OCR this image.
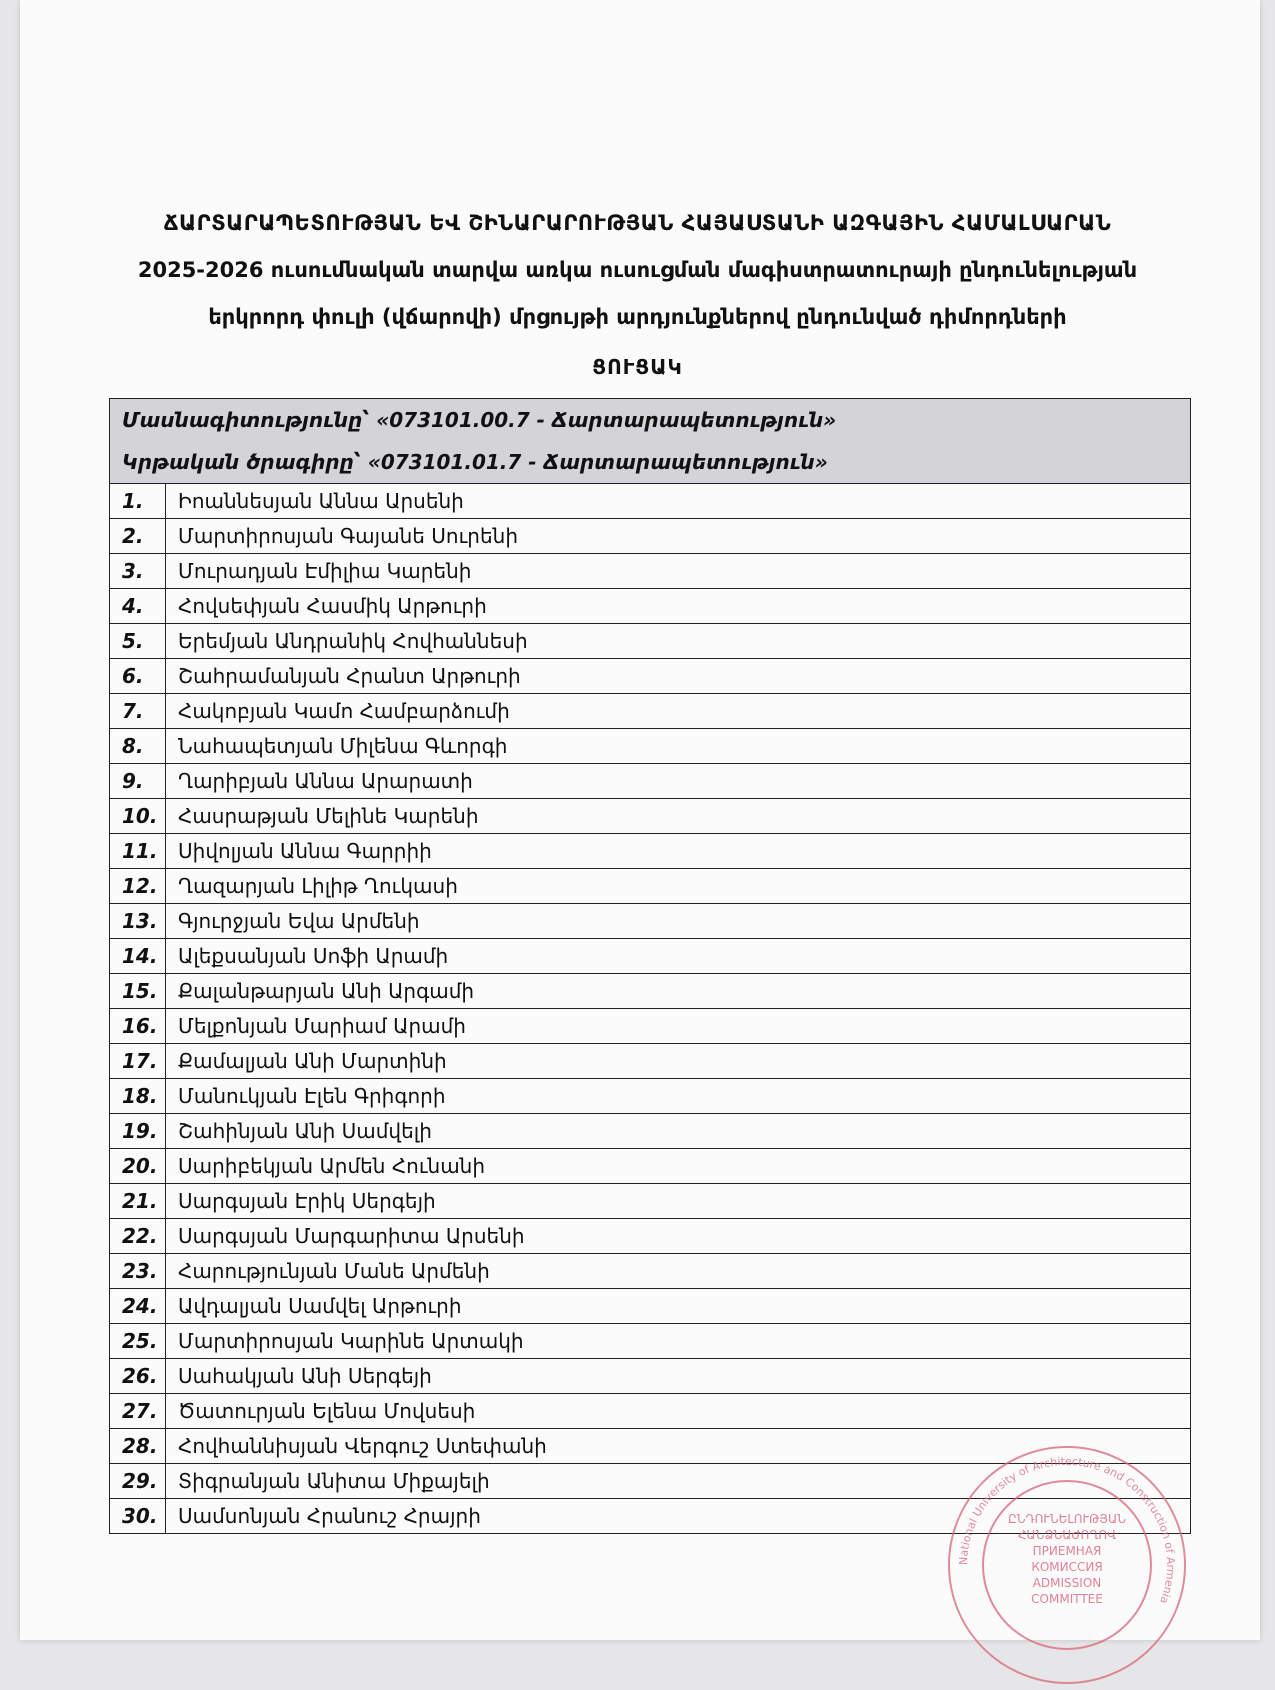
ՃԱՐՏԱՐԱՊԵՏՈՒԹՅԱՆ ԵՎ ՇԻՆԱՐԱՐՈՒԹՅԱՆ ՀԱՅԱՍՏԱՆԻ ԱԶԳԱՅԻՆ ՀԱՄԱԼՍԱՐԱՆ
2025-2026 ուսումնական տարվա առկա ուսուցման մագիստրատուրայի ընդունելության
երկրորդ փուլի (վճարովի) մրցույթի արդյունքներով ընդունված դիմորդների
ՑՈՒՑԱԿ
Մասնագիտությունը՝ «073101.00.7 - Ճարտարապետություն»
Կրթական ծրագիրը՝ «073101.01.7 - Ճարտարապետություն»	

1.	Իոաննեսյան Աննա Արսենի
2.	Մարտիրոսյան Գայանե Սուրենի
3.	Մուրադյան Էմիլիա Կարենի
4.	Հովսեփյան Հասմիկ Արթուրի
5.	Երեմյան Անդրանիկ Հովհաննեսի
6.	Շահրամանյան Հրանտ Արթուրի
7.	Հակոբյան Կամո Համբարձումի
8.	Նահապետյան Միլենա Գևորգի
9.	Ղարիբյան Աննա Արարատի
10.	Հասրաթյան Մելինե Կարենի
11.	Սիվոլյան Աննա Գարրիի
12.	Ղազարյան Լիլիթ Ղուկասի
13.	Գյուրջյան Եվա Արմենի
14.	Ալեքսանյան Սոֆի Արամի
15.	Քալանթարյան Անի Արգամի
16.	Մելքոնյան Մարիամ Արամի
17.	Քամալյան Անի Մարտինի
18.	Մանուկյան Էլեն Գրիգորի
19.	Շահինյան Անի Սամվելի
20.	Սարիբեկյան Արմեն Հունանի
21.	Սարգսյան Էրիկ Սերգեյի
22.	Սարգսյան Մարգարիտա Արսենի
23.	Հարությունյան Մանե Արմենի
24.	Ավդալյան Սամվել Արթուրի
25.	Մարտիրոսյան Կարինե Արտակի
26.	Սահակյան Անի Սերգեյի
27.	Ծատուրյան Ելենա Մովսեսի
28.	Հովհաննիսյան Վերգուշ Ստեփանի
29.	Տիգրանյան Անիտա Միքայելի
30.	Սամսոնյան Հրանուշ Հրայրի
National University of Architecture and Construction of Armenia
ԸՆԴՈՒՆԵԼՈՒԹՅԱՆ
ՀԱՆՁՆԱԺՈՂՈՎ
ПРИЕМНАЯ
КОМИССИЯ
ADMISSION
COMMITTEE
